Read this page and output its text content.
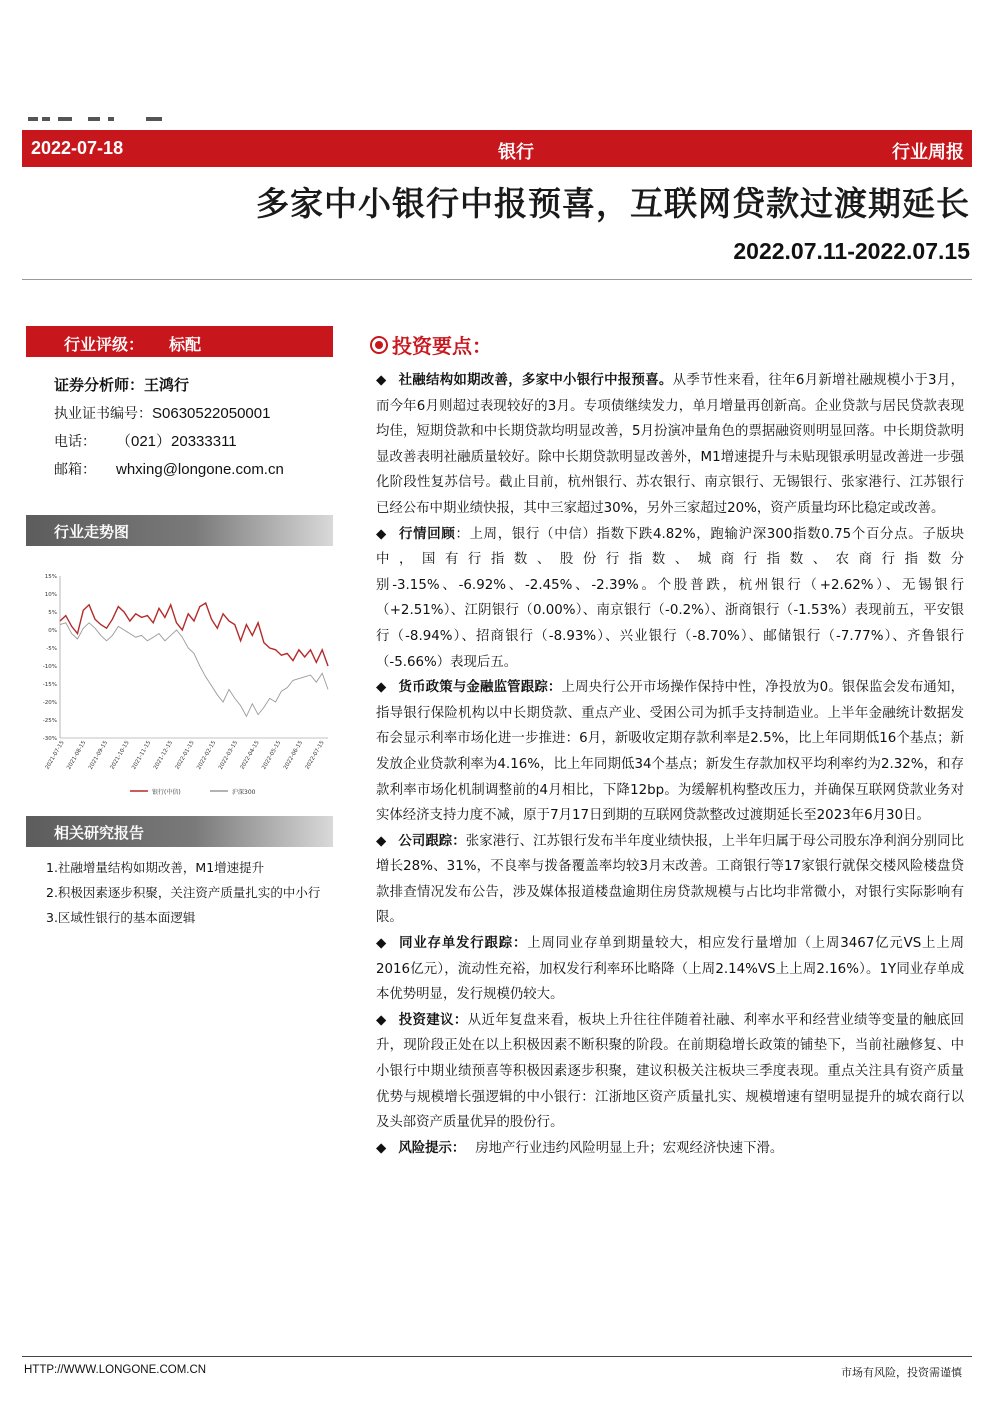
2022-07-18	银行	行业周报
多家中小银行中报预喜，互联网贷款过渡期延长
2022.07.11-2022.07.15
行业评级： 标配
证券分析师：王鸿行
执业证书编号：S0630522050001
电话： （021）20333311
邮箱： whxing@longone.com.cn
行业走势图
15%
10%
5%
0%
-5%
-10%
-15%
-20%
-25%
-30%
2021-07-15 2021-08-15 2021-09-15 2021-10-15 2021-11-15 2021-12-15 2022-01-15 2022-02-15 2022-03-15 2022-04-15 2022-05-15 2022-06-15 2022-07-15
银行(中信)	沪深300
相关研究报告
1.社融增量结构如期改善，M1增速提升
2.积极因素逐步积聚，关注资产质量扎实的中小行
3.区域性银行的基本面逻辑
投资要点：

◆ 社融结构如期改善，多家中小银行中报预喜。从季节性来看，往年6月新增社融规模小于3月，而今年6月则超过表现较好的3月。专项债继续发力，单月增量再创新高。企业贷款与居民贷款表现均佳，短期贷款和中长期贷款均明显改善，5月扮演冲量角色的票据融资则明显回落。中长期贷款明显改善表明社融质量较好。除中长期贷款明显改善外，M1增速提升与未贴现银承明显改善进一步强化阶段性复苏信号。截止目前，杭州银行、苏农银行、南京银行、无锡银行、张家港行、江苏银行已经公布中期业绩快报，其中三家超过30%，另外三家超过20%，资产质量均环比稳定或改善。

◆ 行情回顾：上周，银行（中信）指数下跌4.82%，跑输沪深300指数0.75个百分点。子版块中，国有行指数、股份行指数、城商行指数、农商行指数分别-3.15%、-6.92%、-2.45%、-2.39%。个股普跌，杭州银行（+2.62%）、无锡银行（+2.51%）、江阴银行（0.00%）、南京银行（-0.2%）、浙商银行（-1.53%）表现前五，平安银行（-8.94%）、招商银行（-8.93%）、兴业银行（-8.70%）、邮储银行（-7.77%）、齐鲁银行（-5.66%）表现后五。

◆ 货币政策与金融监管跟踪：上周央行公开市场操作保持中性，净投放为0。银保监会发布通知，指导银行保险机构以中长期贷款、重点产业、受困公司为抓手支持制造业。上半年金融统计数据发布会显示利率市场化进一步推进：6月，新吸收定期存款利率是2.5%，比上年同期低16个基点；新发放企业贷款利率为4.16%，比上年同期低34个基点；新发生存款加权平均利率约为2.32%，和存款利率市场化机制调整前的4月相比，下降12bp。为缓解机构整改压力，并确保互联网贷款业务对实体经济支持力度不减，原于7月17日到期的互联网贷款整改过渡期延长至2023年6月30日。

◆ 公司跟踪：张家港行、江苏银行发布半年度业绩快报，上半年归属于母公司股东净利润分别同比增长28%、31%，不良率与拨备覆盖率均较3月末改善。工商银行等17家银行就保交楼风险楼盘贷款排查情况发布公告，涉及媒体报道楼盘逾期住房贷款规模与占比均非常微小，对银行实际影响有限。

◆ 同业存单发行跟踪：上周同业存单到期量较大，相应发行量增加（上周3467亿元VS上上周2016亿元），流动性充裕，加权发行利率环比略降（上周2.14%VS上上周2.16%）。1Y同业存单成本优势明显，发行规模仍较大。

◆ 投资建议：从近年复盘来看，板块上升往往伴随着社融、利率水平和经营业绩等变量的触底回升，现阶段正处在以上积极因素不断积聚的阶段。在前期稳增长政策的铺垫下，当前社融修复、中小银行中期业绩预喜等积极因素逐步积聚，建议积极关注板块三季度表现。重点关注具有资产质量优势与规模增长强逻辑的中小银行：江浙地区资产质量扎实、规模增速有望明显提升的城农商行以及头部资产质量优异的股份行。

◆ 风险提示： 房地产行业违约风险明显上升；宏观经济快速下滑。

HTTP://WWW.LONGONE.COM.CN	市场有风险，投资需谨慎
